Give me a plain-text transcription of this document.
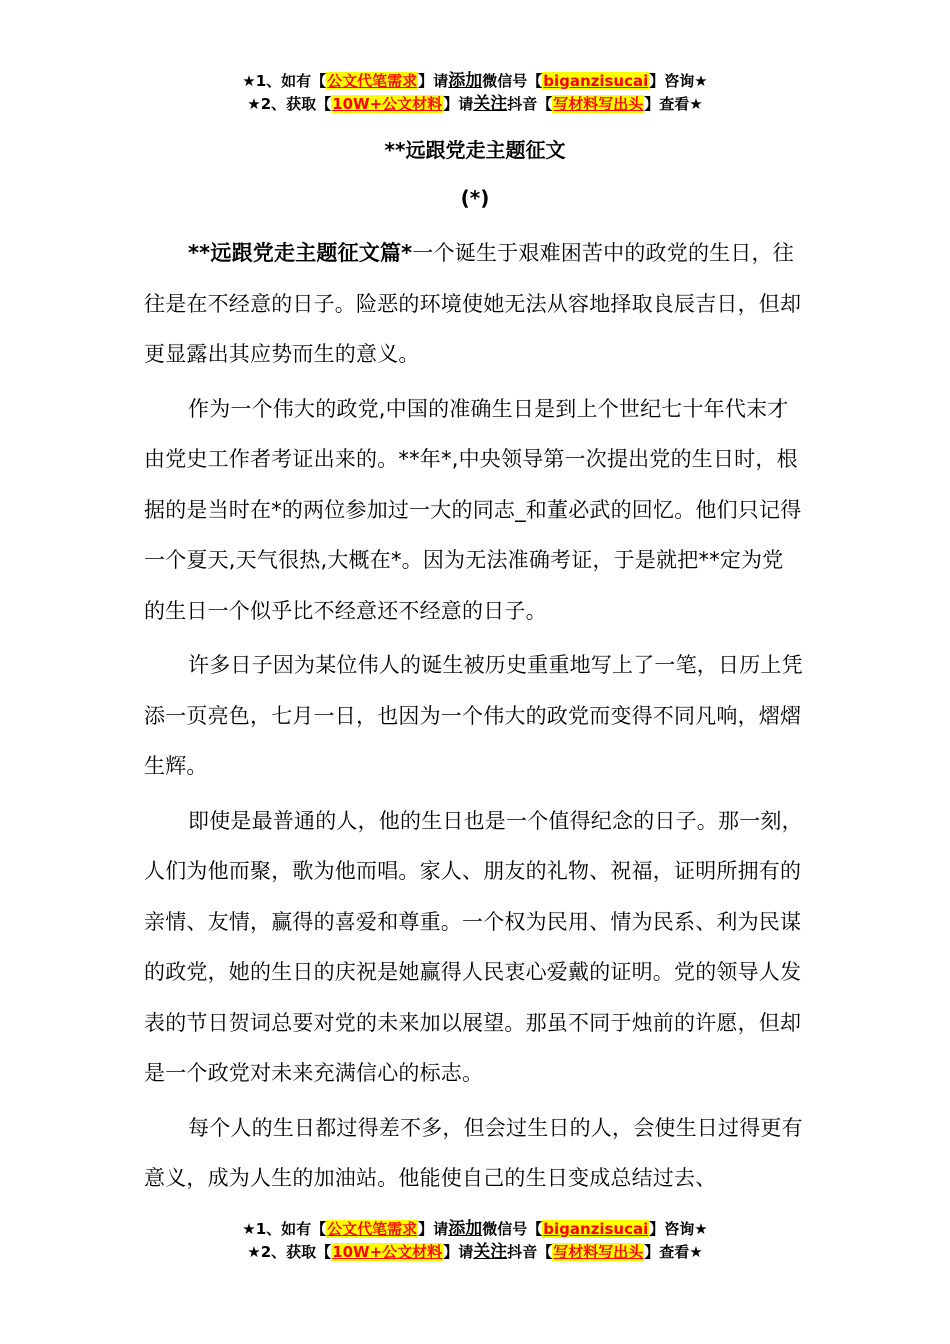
★1、如有【公文代笔需求】请添加微信号【biganzisucai】咨询★
★2、获取【10W+公文材料】请关注抖音【写材料写出头】查看★
**远跟党走主题征文
(*)

**远跟党走主题征文篇*一个诞生于艰难困苦中的政党的生日，往往是在不经意的日子。险恶的环境使她无法从容地择取良辰吉日，但却更显露出其应势而生的意义。

作为一个伟大的政党,中国的准确生日是到上个世纪七十年代末才由党史工作者考证出来的。**年*,中央领导第一次提出党的生日时，根据的是当时在*的两位参加过一大的同志_和董必武的回忆。他们只记得一个夏天,天气很热,大概在*。因为无法准确考证，于是就把**定为党的生日一个似乎比不经意还不经意的日子。

许多日子因为某位伟人的诞生被历史重重地写上了一笔，日历上凭添一页亮色，七月一日，也因为一个伟大的政党而变得不同凡响，熠熠生辉。

即使是最普通的人，他的生日也是一个值得纪念的日子。那一刻，人们为他而聚，歌为他而唱。家人、朋友的礼物、祝福，证明所拥有的亲情、友情，赢得的喜爱和尊重。一个权为民用、情为民系、利为民谋的政党，她的生日的庆祝是她赢得人民衷心爱戴的证明。党的领导人发表的节日贺词总要对党的未来加以展望。那虽不同于烛前的许愿，但却是一个政党对未来充满信心的标志。

每个人的生日都过得差不多，但会过生日的人，会使生日过得更有意义，成为人生的加油站。他能使自己的生日变成总结过去、

★1、如有【公文代笔需求】请添加微信号【biganzisucai】咨询★
★2、获取【10W+公文材料】请关注抖音【写材料写出头】查看★
